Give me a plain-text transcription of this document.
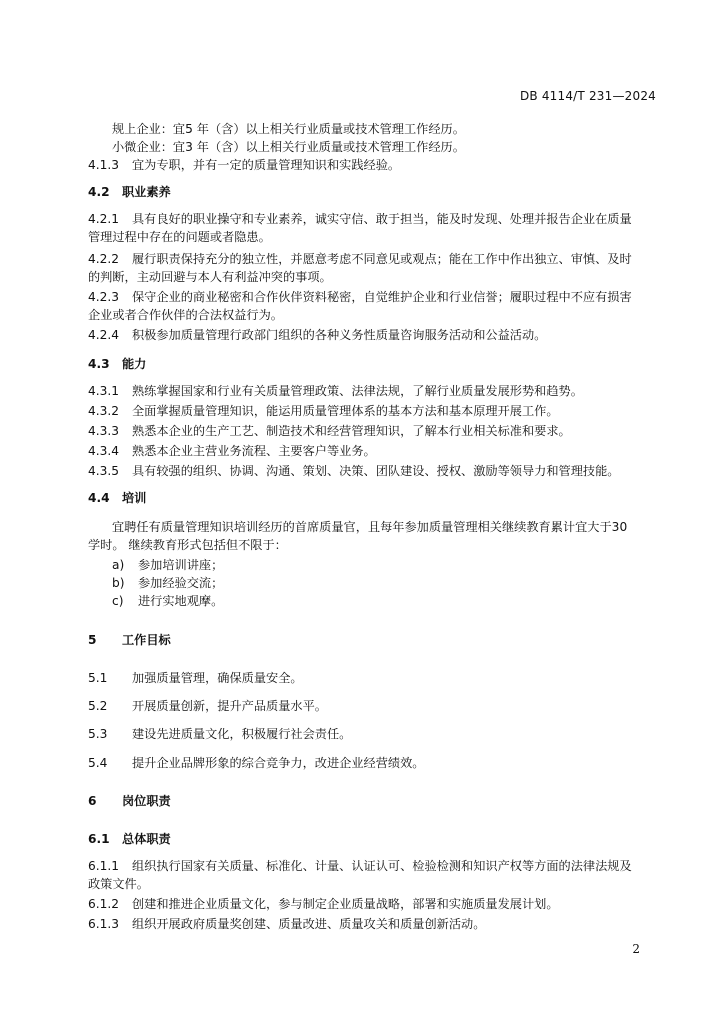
DB 4114/T 231—2024
规上企业：宜5 年（含）以上相关行业质量或技术管理工作经历。
小微企业：宜3 年（含）以上相关行业质量或技术管理工作经历。
4.1.3 宜为专职，并有一定的质量管理知识和实践经验。
4.2 职业素养
4.2.1 具有良好的职业操守和专业素养，诚实守信、敢于担当，能及时发现、处理并报告企业在质量
管理过程中存在的问题或者隐患。
4.2.2 履行职责保持充分的独立性，并愿意考虑不同意见或观点；能在工作中作出独立、审慎、及时
的判断，主动回避与本人有利益冲突的事项。
4.2.3 保守企业的商业秘密和合作伙伴资料秘密，自觉维护企业和行业信誉；履职过程中不应有损害
企业或者合作伙伴的合法权益行为。
4.2.4 积极参加质量管理行政部门组织的各种义务性质量咨询服务活动和公益活动。
4.3 能力
4.3.1 熟练掌握国家和行业有关质量管理政策、法律法规，了解行业质量发展形势和趋势。
4.3.2 全面掌握质量管理知识，能运用质量管理体系的基本方法和基本原理开展工作。
4.3.3 熟悉本企业的生产工艺、制造技术和经营管理知识，了解本行业相关标准和要求。
4.3.4 熟悉本企业主营业务流程、主要客户等业务。
4.3.5 具有较强的组织、协调、沟通、策划、决策、团队建设、授权、激励等领导力和管理技能。
4.4 培训
宜聘任有质量管理知识培训经历的首席质量官，且每年参加质量管理相关继续教育累计宜大于30
学时。 继续教育形式包括但不限于：
a) 参加培训讲座；
b) 参加经验交流；
c) 进行实地观摩。
5 工作目标
5.1 加强质量管理，确保质量安全。
5.2 开展质量创新，提升产品质量水平。
5.3 建设先进质量文化，积极履行社会责任。
5.4 提升企业品牌形象的综合竞争力，改进企业经营绩效。
6 岗位职责
6.1 总体职责
6.1.1 组织执行国家有关质量、标准化、计量、认证认可、检验检测和知识产权等方面的法律法规及
政策文件。
6.1.2 创建和推进企业质量文化，参与制定企业质量战略，部署和实施质量发展计划。
6.1.3 组织开展政府质量奖创建、质量改进、质量攻关和质量创新活动。
2
